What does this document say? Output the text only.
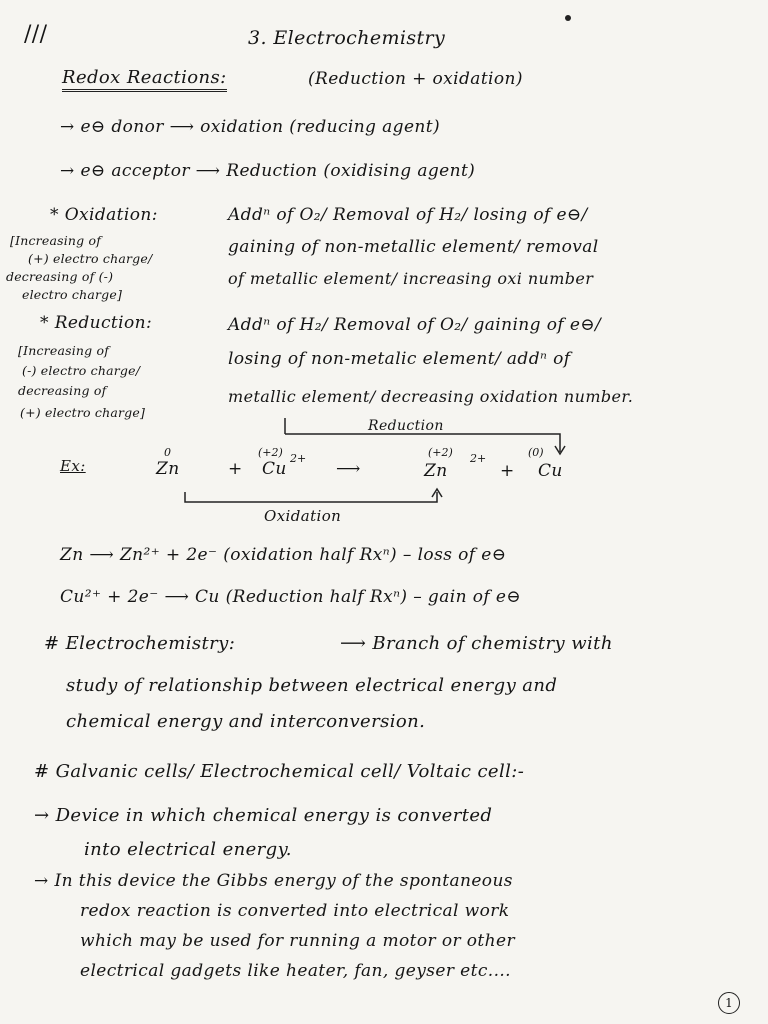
///	3. Electrochemistry
Redox Reactions:	(Reduction + oxidation)
→ e⊖ donor ⟶ oxidation (reducing agent)
→ e⊖ acceptor ⟶ Reduction (oxidising agent)
* Oxidation:	Addⁿ of O₂/ Removal of H₂/ losing of e⊖/
gaining of non-metallic element/ removal
of metallic element/ increasing oxi number
[Increasing of
(+) electro charge/
decreasing of (-)
electro charge]
* Reduction:	Addⁿ of H₂/ Removal of O₂/ gaining of e⊖/
losing of non-metalic element/ addⁿ of
metallic element/ decreasing oxidation number.
[Increasing of
(-) electro charge/
decreasing of
(+) electro charge]
Ex:
Reduction
0
Zn	+
(+2)
Cu
2+
⟶
(+2)
Zn
2+
+
(0)
Cu
Oxidation
Zn ⟶ Zn²⁺ + 2e⁻ (oxidation half Rxⁿ) – loss of e⊖
Cu²⁺ + 2e⁻ ⟶ Cu (Reduction half Rxⁿ) – gain of e⊖
# Electrochemistry:	⟶ Branch of chemistry with
study of relationship between electrical energy and
chemical energy and interconversion.
# Galvanic cells/ Electrochemical cell/ Voltaic cell:-
→ Device in which chemical energy is converted
into electrical energy.
→ In this device the Gibbs energy of the spontaneous
redox reaction is converted into electrical work
which may be used for running a motor or other
electrical gadgets like heater, fan, geyser etc....
1
